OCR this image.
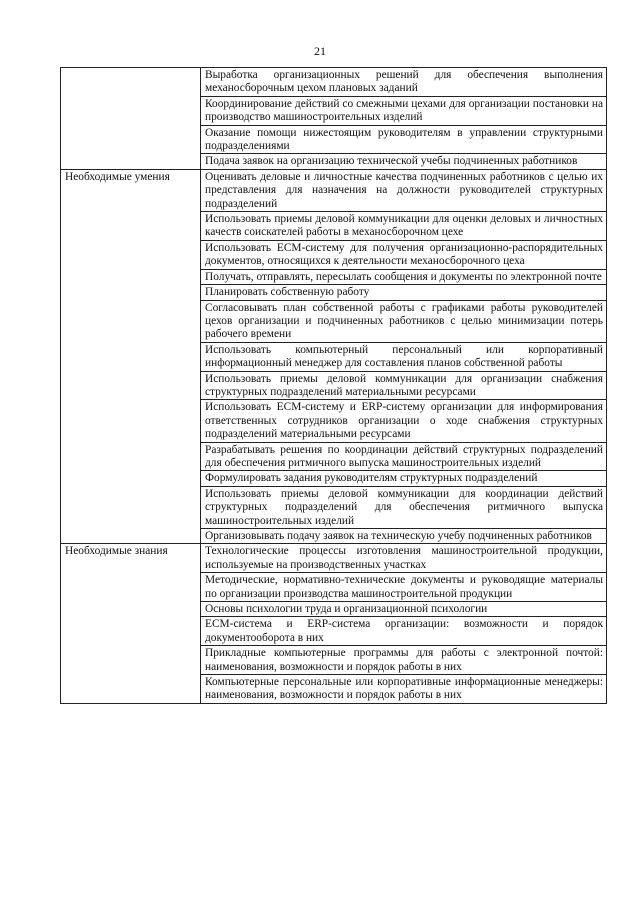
21
	Выработка организационных решений для обеспечения выполнения механосборочным цехом плановых заданий
	Координирование действий со смежными цехами для организации постановки на производство машиностроительных изделий
	Оказание помощи нижестоящим руководителям в управлении структурными подразделениями
	Подача заявок на организацию технической учебы подчиненных работников
Необходимые умения	Оценивать деловые и личностные качества подчиненных работников с целью их представления для назначения на должности руководителей структурных подразделений
	Использовать приемы деловой коммуникации для оценки деловых и личностных качеств соискателей работы в механосборочном цехе
	Использовать ECM-систему для получения организационно-распорядительных документов, относящихся к деятельности механосборочного цеха
	Получать, отправлять, пересылать сообщения и документы по электронной почте
	Планировать собственную работу
	Согласовывать план собственной работы с графиками работы руководителей цехов организации и подчиненных работников с целью минимизации потерь рабочего времени
	Использовать компьютерный персональный или корпоративный информационный менеджер для составления планов собственной работы
	Использовать приемы деловой коммуникации для организации снабжения структурных подразделений материальными ресурсами
	Использовать ECM-систему и ERP-систему организации для информирования ответственных сотрудников организации о ходе снабжения структурных подразделений материальными ресурсами
	Разрабатывать решения по координации действий структурных подразделений для обеспечения ритмичного выпуска машиностроительных изделий
	Формулировать задания руководителям структурных подразделений
	Использовать приемы деловой коммуникации для координации действий структурных подразделений для обеспечения ритмичного выпуска машиностроительных изделий
	Организовывать подачу заявок на техническую учебу подчиненных работников
Необходимые знания	Технологические процессы изготовления машиностроительной продукции, используемые на производственных участках
	Методические, нормативно-технические документы и руководящие материалы по организации производства машиностроительной продукции
	Основы психологии труда и организационной психологии
	ECM-система и ERP-система организации: возможности и порядок документооборота в них
	Прикладные компьютерные программы для работы с электронной почтой: наименования, возможности и порядок работы в них
	Компьютерные персональные или корпоративные информационные менеджеры: наименования, возможности и порядок работы в них
